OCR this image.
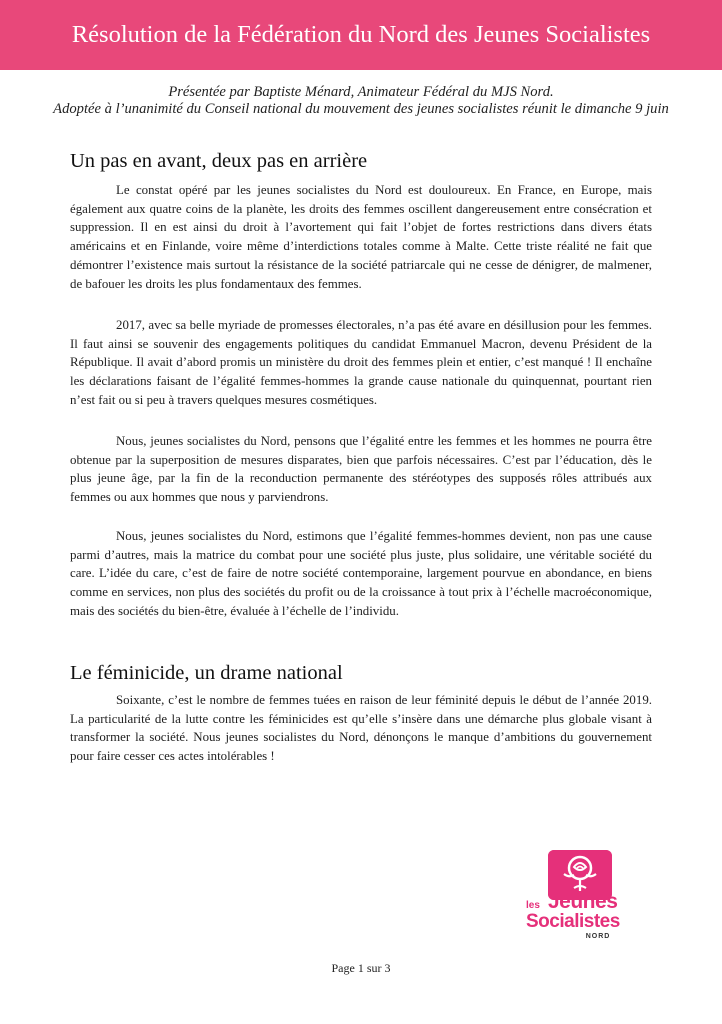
Résolution de la Fédération du Nord des Jeunes Socialistes

Présentée par Baptiste Ménard, Animateur Fédéral du MJS Nord.

Adoptée à l’unanimité du Conseil national du mouvement des jeunes socialistes réunit le dimanche 9 juin

Un pas en avant, deux pas en arrière

Le constat opéré par les jeunes socialistes du Nord est douloureux. En France, en Europe, mais également aux quatre coins de la planète, les droits des femmes oscillent dangereusement entre consécration et suppression. Il en est ainsi du droit à l’avortement qui fait l’objet de fortes restrictions dans divers états américains et en Finlande, voire même d’interdictions totales comme à Malte. Cette triste réalité ne fait que démontrer l’existence mais surtout la résistance de la société patriarcale qui ne cesse de dénigrer, de malmener, de bafouer les droits les plus fondamentaux des femmes.

2017, avec sa belle myriade de promesses électorales, n’a pas été avare en désillusion pour les femmes. Il faut ainsi se souvenir des engagements politiques du candidat Emmanuel Macron, devenu Président de la République. Il avait d’abord promis un ministère du droit des femmes plein et entier, c’est manqué ! Il enchaîne les déclarations faisant de l’égalité femmes-hommes la grande cause nationale du quinquennat, pourtant rien n’est fait ou si peu à travers quelques mesures cosmétiques.

Nous, jeunes socialistes du Nord, pensons que l’égalité entre les femmes et les hommes ne pourra être obtenue par la superposition de mesures disparates, bien que parfois nécessaires. C’est par l’éducation, dès le plus jeune âge, par la fin de la reconduction permanente des stéréotypes des supposés rôles attribués aux femmes ou aux hommes que nous y parviendrons.

Nous, jeunes socialistes du Nord, estimons que l’égalité femmes-hommes devient, non pas une cause parmi d’autres, mais la matrice du combat pour une société plus juste, plus solidaire, une véritable société du care. L’idée du care, c’est de faire de notre société contemporaine, largement pourvue en abondance, en biens comme en services, non plus des sociétés du profit ou de la croissance à tout prix à l’échelle macroéconomique, mais des sociétés du bien-être, évaluée à l’échelle de l’individu.

Le féminicide, un drame national

Soixante, c’est le nombre de femmes tuées en raison de leur féminité depuis le début de l’année 2019. La particularité de la lutte contre les féminicides est qu’elle s’insère dans une démarche plus globale visant à transformer la société. Nous jeunes socialistes du Nord, dénonçons le manque d’ambitions du gouvernement pour faire cesser ces actes intolérables !

les Jeunes
Socialistes
NORD
Page 1 sur 3
